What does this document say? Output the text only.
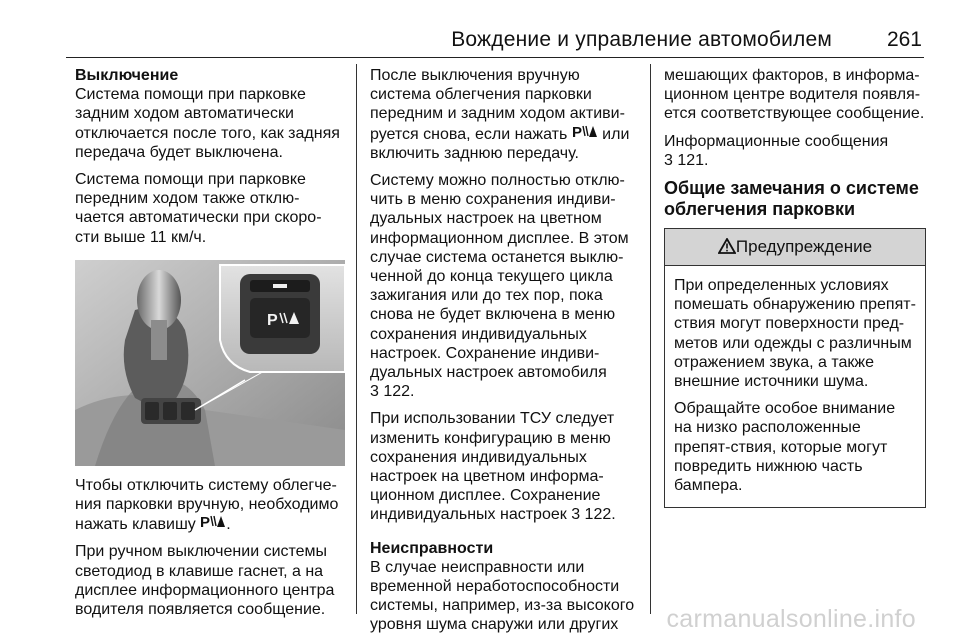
Вождение и управление автомобилем	261
Выключение

Система помощи при парковке задним ходом автоматически отключается после того, как задняя передача будет выключена.

Система помощи при парковке передним ходом также отклю-чается автоматически при скоро-сти выше 11 км/ч.

P

Чтобы отключить систему облегче-ния парковки вручную, необходимо нажать клавишу P .

При ручном выключении системы светодиод в клавише гаснет, а на дисплее информационного центра водителя появляется сообщение.

После выключения вручную система облегчения парковки передним и задним ходом активи-руется снова, если нажать P или включить заднюю передачу.

Систему можно полностью отклю-чить в меню сохранения индиви-дуальных настроек на цветном информационном дисплее. В этом случае система останется выклю-ченной до конца текущего цикла зажигания или до тех пор, пока снова не будет включена в меню сохранения индивидуальных настроек. Сохранение индиви-дуальных настроек автомобиля
3 122.

При использовании ТСУ следует изменить конфигурацию в меню сохранения индивидуальных настроек на цветном информа-ционном дисплее. Сохранение индивидуальных настроек 3 122.

Неисправности

В случае неисправности или временной неработоспособности системы, например, из-за высокого уровня шума снаружи или других

мешающих факторов, в информа-ционном центре водителя появля-ется соответствующее сообщение.

Информационные сообщения
3 121.

Общие замечания о системе облегчения парковки
Предупреждение

При определенных условиях помешать обнаружению препят-ствия могут поверхности пред-метов или одежды с различным отражением звука, а также внешние источники шума.

Обращайте особое внимание на низко расположенные препят-ствия, которые могут повредить нижнюю часть бампера.

carmanualsonline.info
